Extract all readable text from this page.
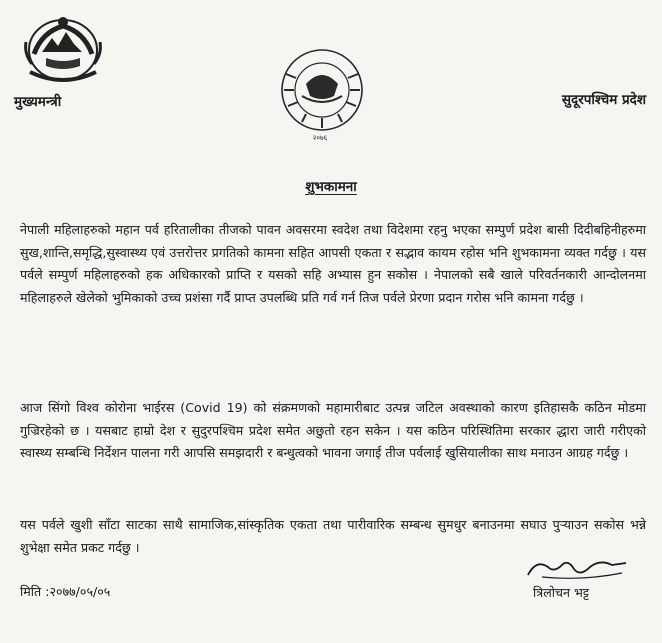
२०७६
मुख्यमन्त्री	सुदूरपश्चिम प्रदेश
शुभकामना

नेपाली महिलाहरुको महान पर्व हरितालीका तीजको पावन अवसरमा स्वदेश तथा विदेशमा रहनु भएका सम्पुर्ण प्रदेश बासी दिदीबहिनीहरुमा सुख,शान्ति,समृद्धि,सुस्वास्थ्य एवं उत्तरोत्तर प्रगतिको कामना सहित आपसी एकता र सद्भाव कायम रहोस भनि शुभकामना व्यक्त गर्दछु । यस पर्वले सम्पुर्ण महिलाहरुको हक अधिकारको प्राप्ति र यसको सहि अभ्यास हुन सकोस । नेपालको सबै खाले परिवर्तनकारी आन्दोलनमा महिलाहरुले खेलेको भुमिकाको उच्च प्रशंसा गर्दै प्राप्त उपलब्धि प्रति गर्व गर्न तिज पर्वले प्रेरणा प्रदान गरोस भनि कामना गर्दछु ।

आज सिंगो विश्व कोरोना भाईरस (Covid 19) को संक्रमणको महामारीबाट उत्पन्न जटिल अवस्थाको कारण इतिहासकै कठिन मोडमा गुज्रिरहेको छ । यसबाट हाम्रो देश र सुदुरपश्चिम प्रदेश समेत अछुतो रहन सकेन । यस कठिन परिस्थितिमा सरकार द्धारा जारी गरीएको स्वास्थ्य सम्बन्धि निर्देशन पालना गरी आपसि समझदारी र बन्धुत्वको भावना जगाई तीज पर्वलाई खुसियालीका साथ मनाउन आग्रह गर्दछु ।

यस पर्वले खुशी साँटा साटका साथै सामाजिक,सांस्कृतिक एकता तथा पारीवारिक सम्बन्ध सुमधुर बनाउनमा सघाउ पुर्‍याउन सकोस भन्ने शुभेक्षा समेत प्रकट गर्दछु ।

मिति :२०७७/०५/०५	त्रिलोचन भट्ट
